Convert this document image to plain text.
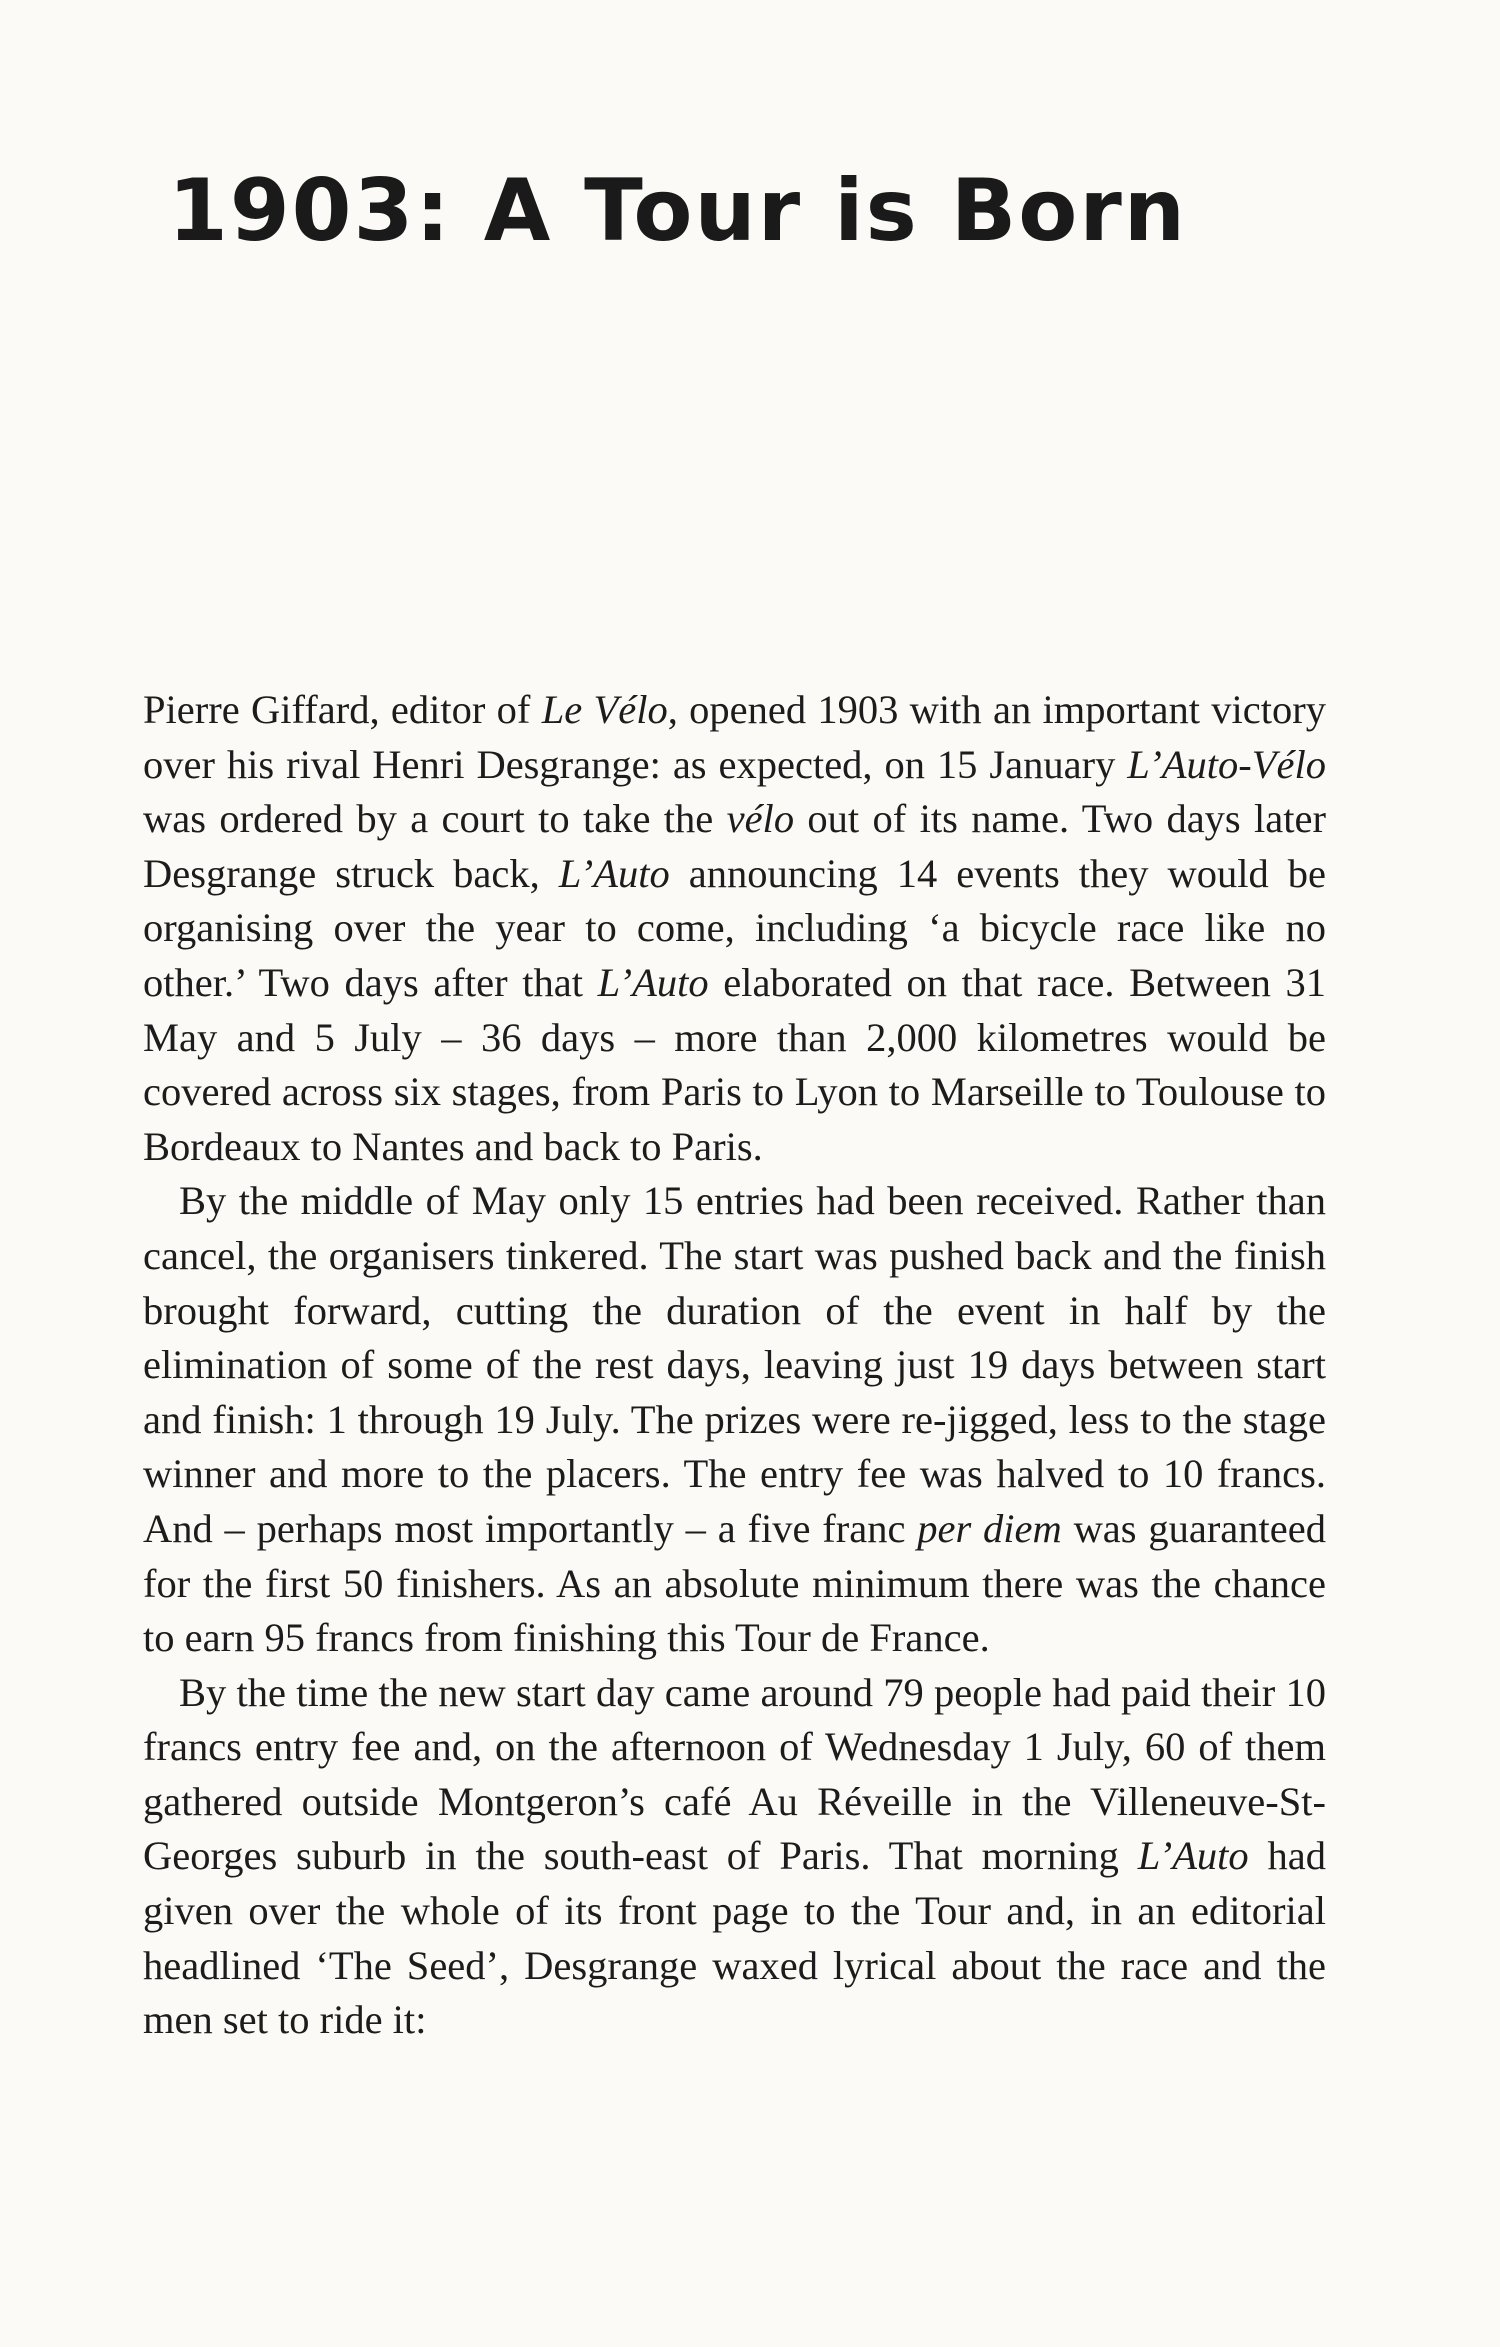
1903: A Tour is Born

Pierre Giffard, editor of Le Vélo, opened 1903 with an important victory over his rival Henri Desgrange: as expected, on 15 January L’Auto-Vélo was ordered by a court to take the vélo out of its name. Two days later Desgrange struck back, L’Auto announcing 14 events they would be organising over the year to come, including ‘a bicycle race like no other.’ Two days after that L’Auto elaborated on that race. Between 31 May and 5 July – 36 days – more than 2,000 kilometres would be covered across six stages, from Paris to Lyon to Marseille to Toulouse to Bordeaux to Nantes and back to Paris.

By the middle of May only 15 entries had been received. Rather than cancel, the organisers tinkered. The start was pushed back and the finish brought forward, cutting the duration of the event in half by the elimination of some of the rest days, leaving just 19 days between start and finish: 1 through 19 July. The prizes were re-jigged, less to the stage winner and more to the placers. The entry fee was halved to 10 francs. And – perhaps most importantly – a five franc per diem was guaranteed for the first 50 finishers. As an absolute minimum there was the chance to earn 95 francs from finishing this Tour de France.

By the time the new start day came around 79 people had paid their 10 francs entry fee and, on the afternoon of Wednesday 1 July, 60 of them gathered outside Montgeron’s café Au Réveille in the Villeneuve-St-Georges suburb in the south-east of Paris. That morning L’Auto had given over the whole of its front page to the Tour and, in an editorial headlined ‘The Seed’, Desgrange waxed lyrical about the race and the men set to ride it:
